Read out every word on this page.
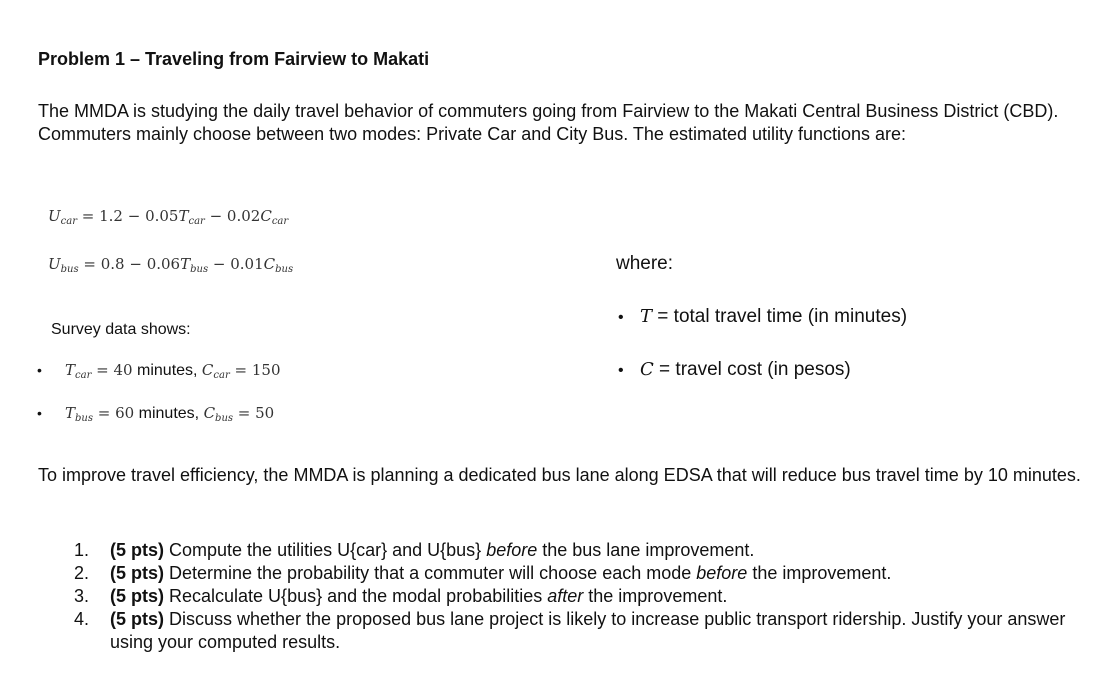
Problem 1 – Traveling from Fairview to Makati
The MMDA is studying the daily travel behavior of commuters going from Fairview to the Makati Central Business District (CBD). Commuters mainly choose between two modes: Private Car and City Bus. The estimated utility functions are:
$U_{car} = 1.2 - 0.05T_{car} - 0.02C_{car}$
$U_{bus} = 0.8 - 0.06T_{bus} - 0.01C_{bus}$
Survey data shows:
• $T_{car} = 40$ minutes, $C_{car} = 150$
• $T_{bus} = 60$ minutes, $C_{bus} = 50$
where:
• T = total travel time (in minutes)
• C = travel cost (in pesos)
To improve travel efficiency, the MMDA is planning a dedicated bus lane along EDSA that will reduce bus travel time by 10 minutes.
1. (5 pts) Compute the utilities U{car} and U{bus} before the bus lane improvement.
2. (5 pts) Determine the probability that a commuter will choose each mode before the improvement.
3. (5 pts) Recalculate U{bus} and the modal probabilities after the improvement.
4. (5 pts) Discuss whether the proposed bus lane project is likely to increase public transport ridership. Justify your answer using your computed results.
